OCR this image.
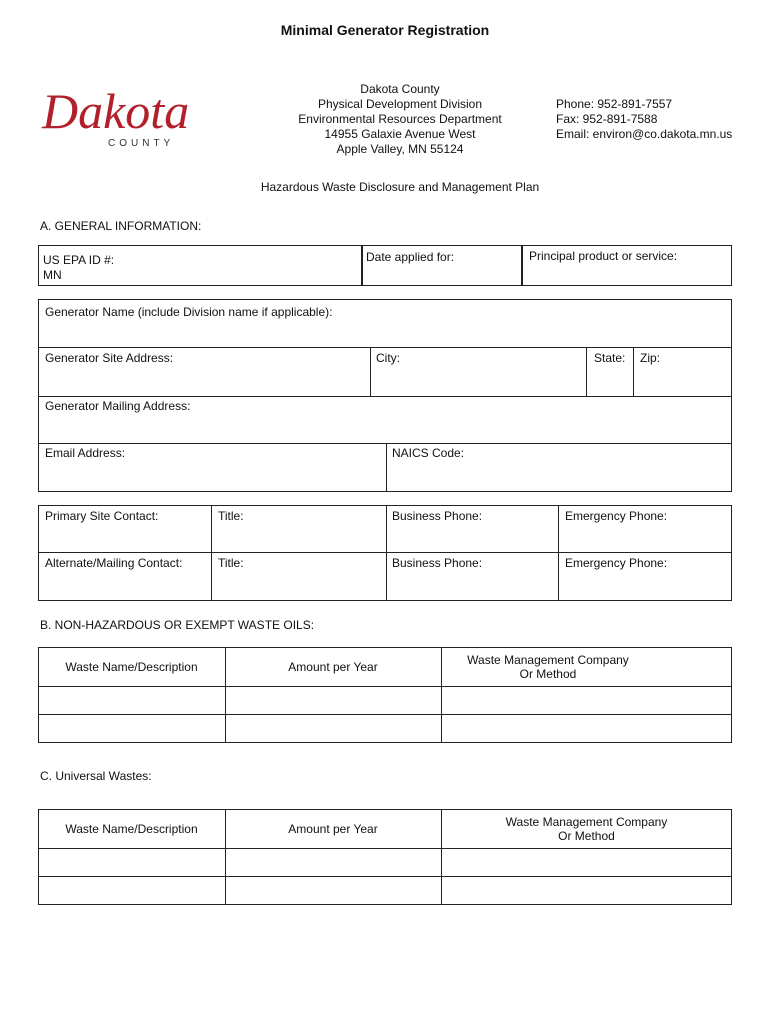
Minimal Generator Registration
Dakota
COUNTY
Dakota County
Physical Development Division
Environmental Resources Department
14955 Galaxie Avenue West
Apple Valley, MN 55124
Phone: 952-891-7557
Fax: 952-891-7588
Email: environ@co.dakota.mn.us
Hazardous Waste Disclosure and Management Plan
A. GENERAL INFORMATION:
US EPA ID #:
MN
Date applied for:	Principal product or service:
Generator Name (include Division name if applicable):
Generator Site Address:	City:	State: Zip:
Generator Mailing Address:
Email Address:	NAICS Code:
Primary Site Contact:	Title:	Business Phone:	Emergency Phone:
Alternate/Mailing Contact:	Title:	Business Phone:	Emergency Phone:
B. NON-HAZARDOUS OR EXEMPT WASTE OILS:
Waste Name/Description	Amount per Year	Waste Management Company
Or Method
C. Universal Wastes:
Waste Name/Description	Amount per Year	Waste Management Company
Or Method
